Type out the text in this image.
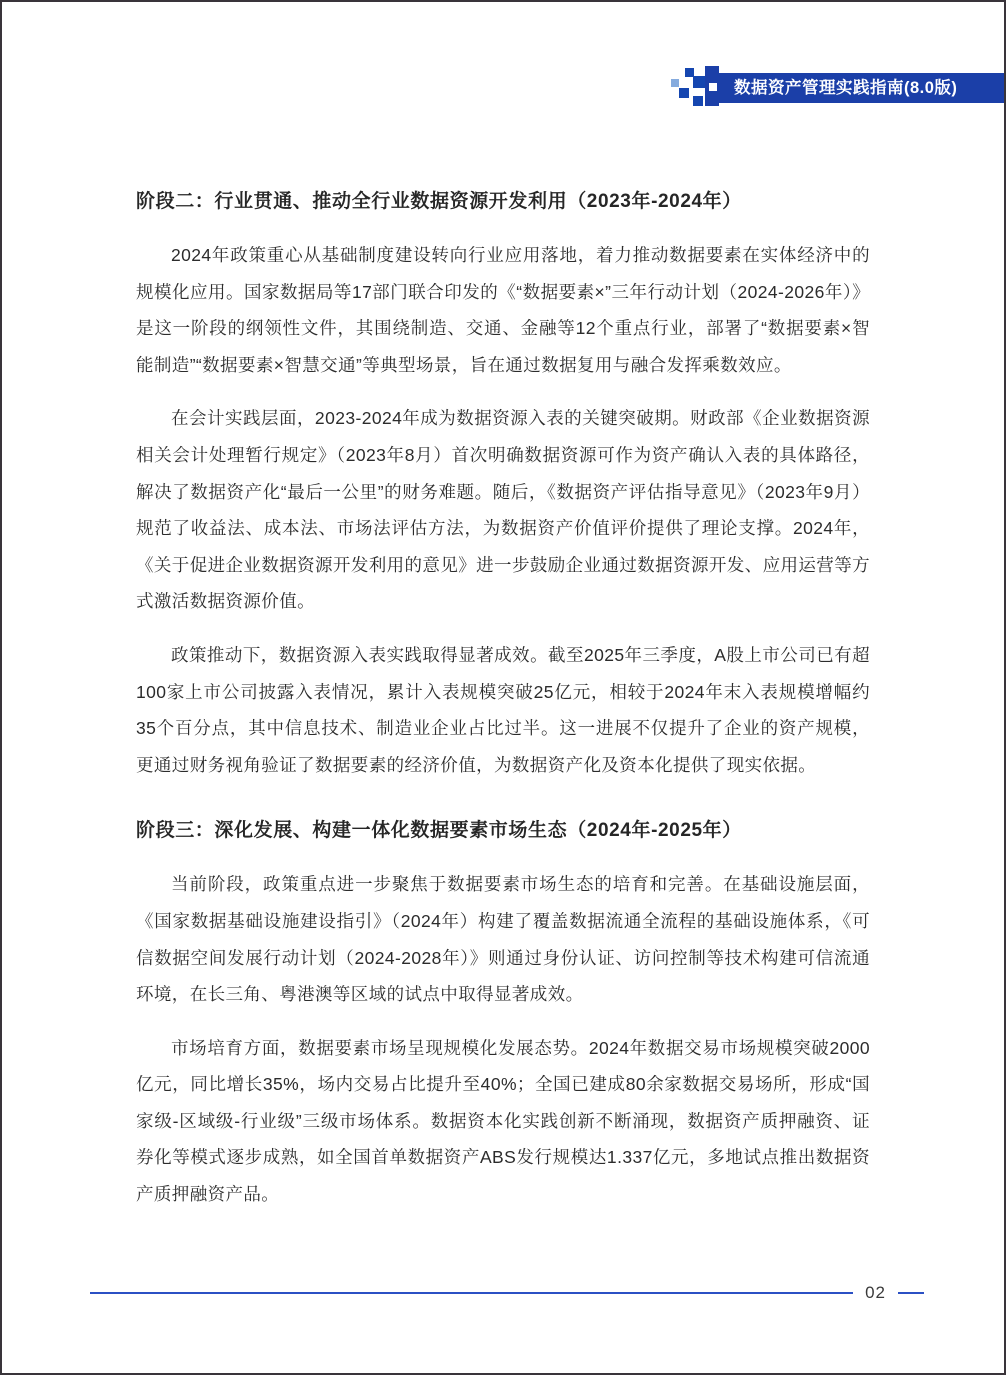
数据资产管理实践指南(8.0版)
阶段二：行业贯通、推动全行业数据资源开发利用（2023年-2024年）

2024年政策重心从基础制度建设转向行业应用落地，着力推动数据要素在实体经济中的规模化应用。国家数据局等17部门联合印发的《“数据要素×”三年行动计划（2024-2026年）》是这一阶段的纲领性文件，其围绕制造、交通、金融等12个重点行业，部署了“数据要素×智能制造”“数据要素×智慧交通”等典型场景，旨在通过数据复用与融合发挥乘数效应。

在会计实践层面，2023-2024年成为数据资源入表的关键突破期。财政部《企业数据资源相关会计处理暂行规定》（2023年8月）首次明确数据资源可作为资产确认入表的具体路径，解决了数据资产化“最后一公里”的财务难题。随后，《数据资产评估指导意见》（2023年9月）规范了收益法、成本法、市场法评估方法，为数据资产价值评价提供了理论支撑。2024年，《关于促进企业数据资源开发利用的意见》进一步鼓励企业通过数据资源开发、应用运营等方式激活数据资源价值。

政策推动下，数据资源入表实践取得显著成效。截至2025年三季度，A股上市公司已有超100家上市公司披露入表情况，累计入表规模突破25亿元，相较于2024年末入表规模增幅约35个百分点，其中信息技术、制造业企业占比过半。这一进展不仅提升了企业的资产规模，更通过财务视角验证了数据要素的经济价值，为数据资产化及资本化提供了现实依据。

阶段三：深化发展、构建一体化数据要素市场生态（2024年-2025年）

当前阶段，政策重点进一步聚焦于数据要素市场生态的培育和完善。在基础设施层面，《国家数据基础设施建设指引》（2024年）构建了覆盖数据流通全流程的基础设施体系，《可信数据空间发展行动计划（2024-2028年）》则通过身份认证、访问控制等技术构建可信流通环境，在长三角、粤港澳等区域的试点中取得显著成效。

市场培育方面，数据要素市场呈现规模化发展态势。2024年数据交易市场规模突破2000亿元，同比增长35%，场内交易占比提升至40%；全国已建成80余家数据交易场所，形成“国家级-区域级-行业级”三级市场体系。数据资本化实践创新不断涌现，数据资产质押融资、证券化等模式逐步成熟，如全国首单数据资产ABS发行规模达1.337亿元，多地试点推出数据资产质押融资产品。

02
